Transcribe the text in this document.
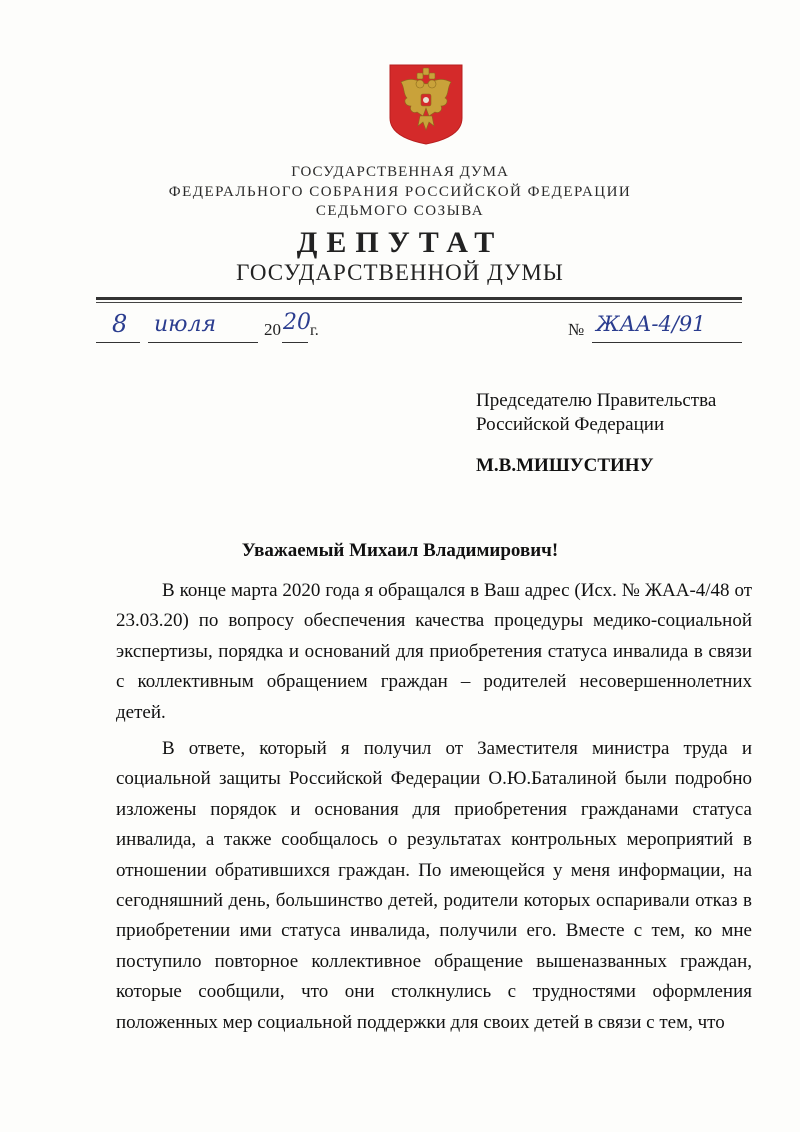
ГОСУДАРСТВЕННАЯ ДУМА
ФЕДЕРАЛЬНОГО СОБРАНИЯ РОССИЙСКОЙ ФЕДЕРАЦИИ
СЕДЬМОГО СОЗЫВА
ДЕПУТАТ
ГОСУДАРСТВЕННОЙ ДУМЫ
8 июля	20 20 г.	№ ЖАА-4/91
Председателю Правительства
Российской Федерации
М.В.МИШУСТИНУ
Уважаемый Михаил Владимирович!

В конце марта 2020 года я обращался в Ваш адрес (Исх. № ЖАА-4/48 от 23.03.20) по вопросу обеспечения качества процедуры медико-социальной экспертизы, порядка и оснований для приобретения статуса инвалида в связи с коллективным обращением граждан – родителей несовершеннолетних детей.

В ответе, который я получил от Заместителя министра труда и социальной защиты Российской Федерации О.Ю.Баталиной были подробно изложены порядок и основания для приобретения гражданами статуса инвалида, а также сообщалось о результатах контрольных мероприятий в отношении обратившихся граждан. По имеющейся у меня информации, на сегодняшний день, большинство детей, родители которых оспаривали отказ в приобретении ими статуса инвалида, получили его. Вместе с тем, ко мне поступило повторное коллективное обращение вышеназванных граждан, которые сообщили, что они столкнулись с трудностями оформления положенных мер социальной поддержки для своих детей в связи с тем, что
